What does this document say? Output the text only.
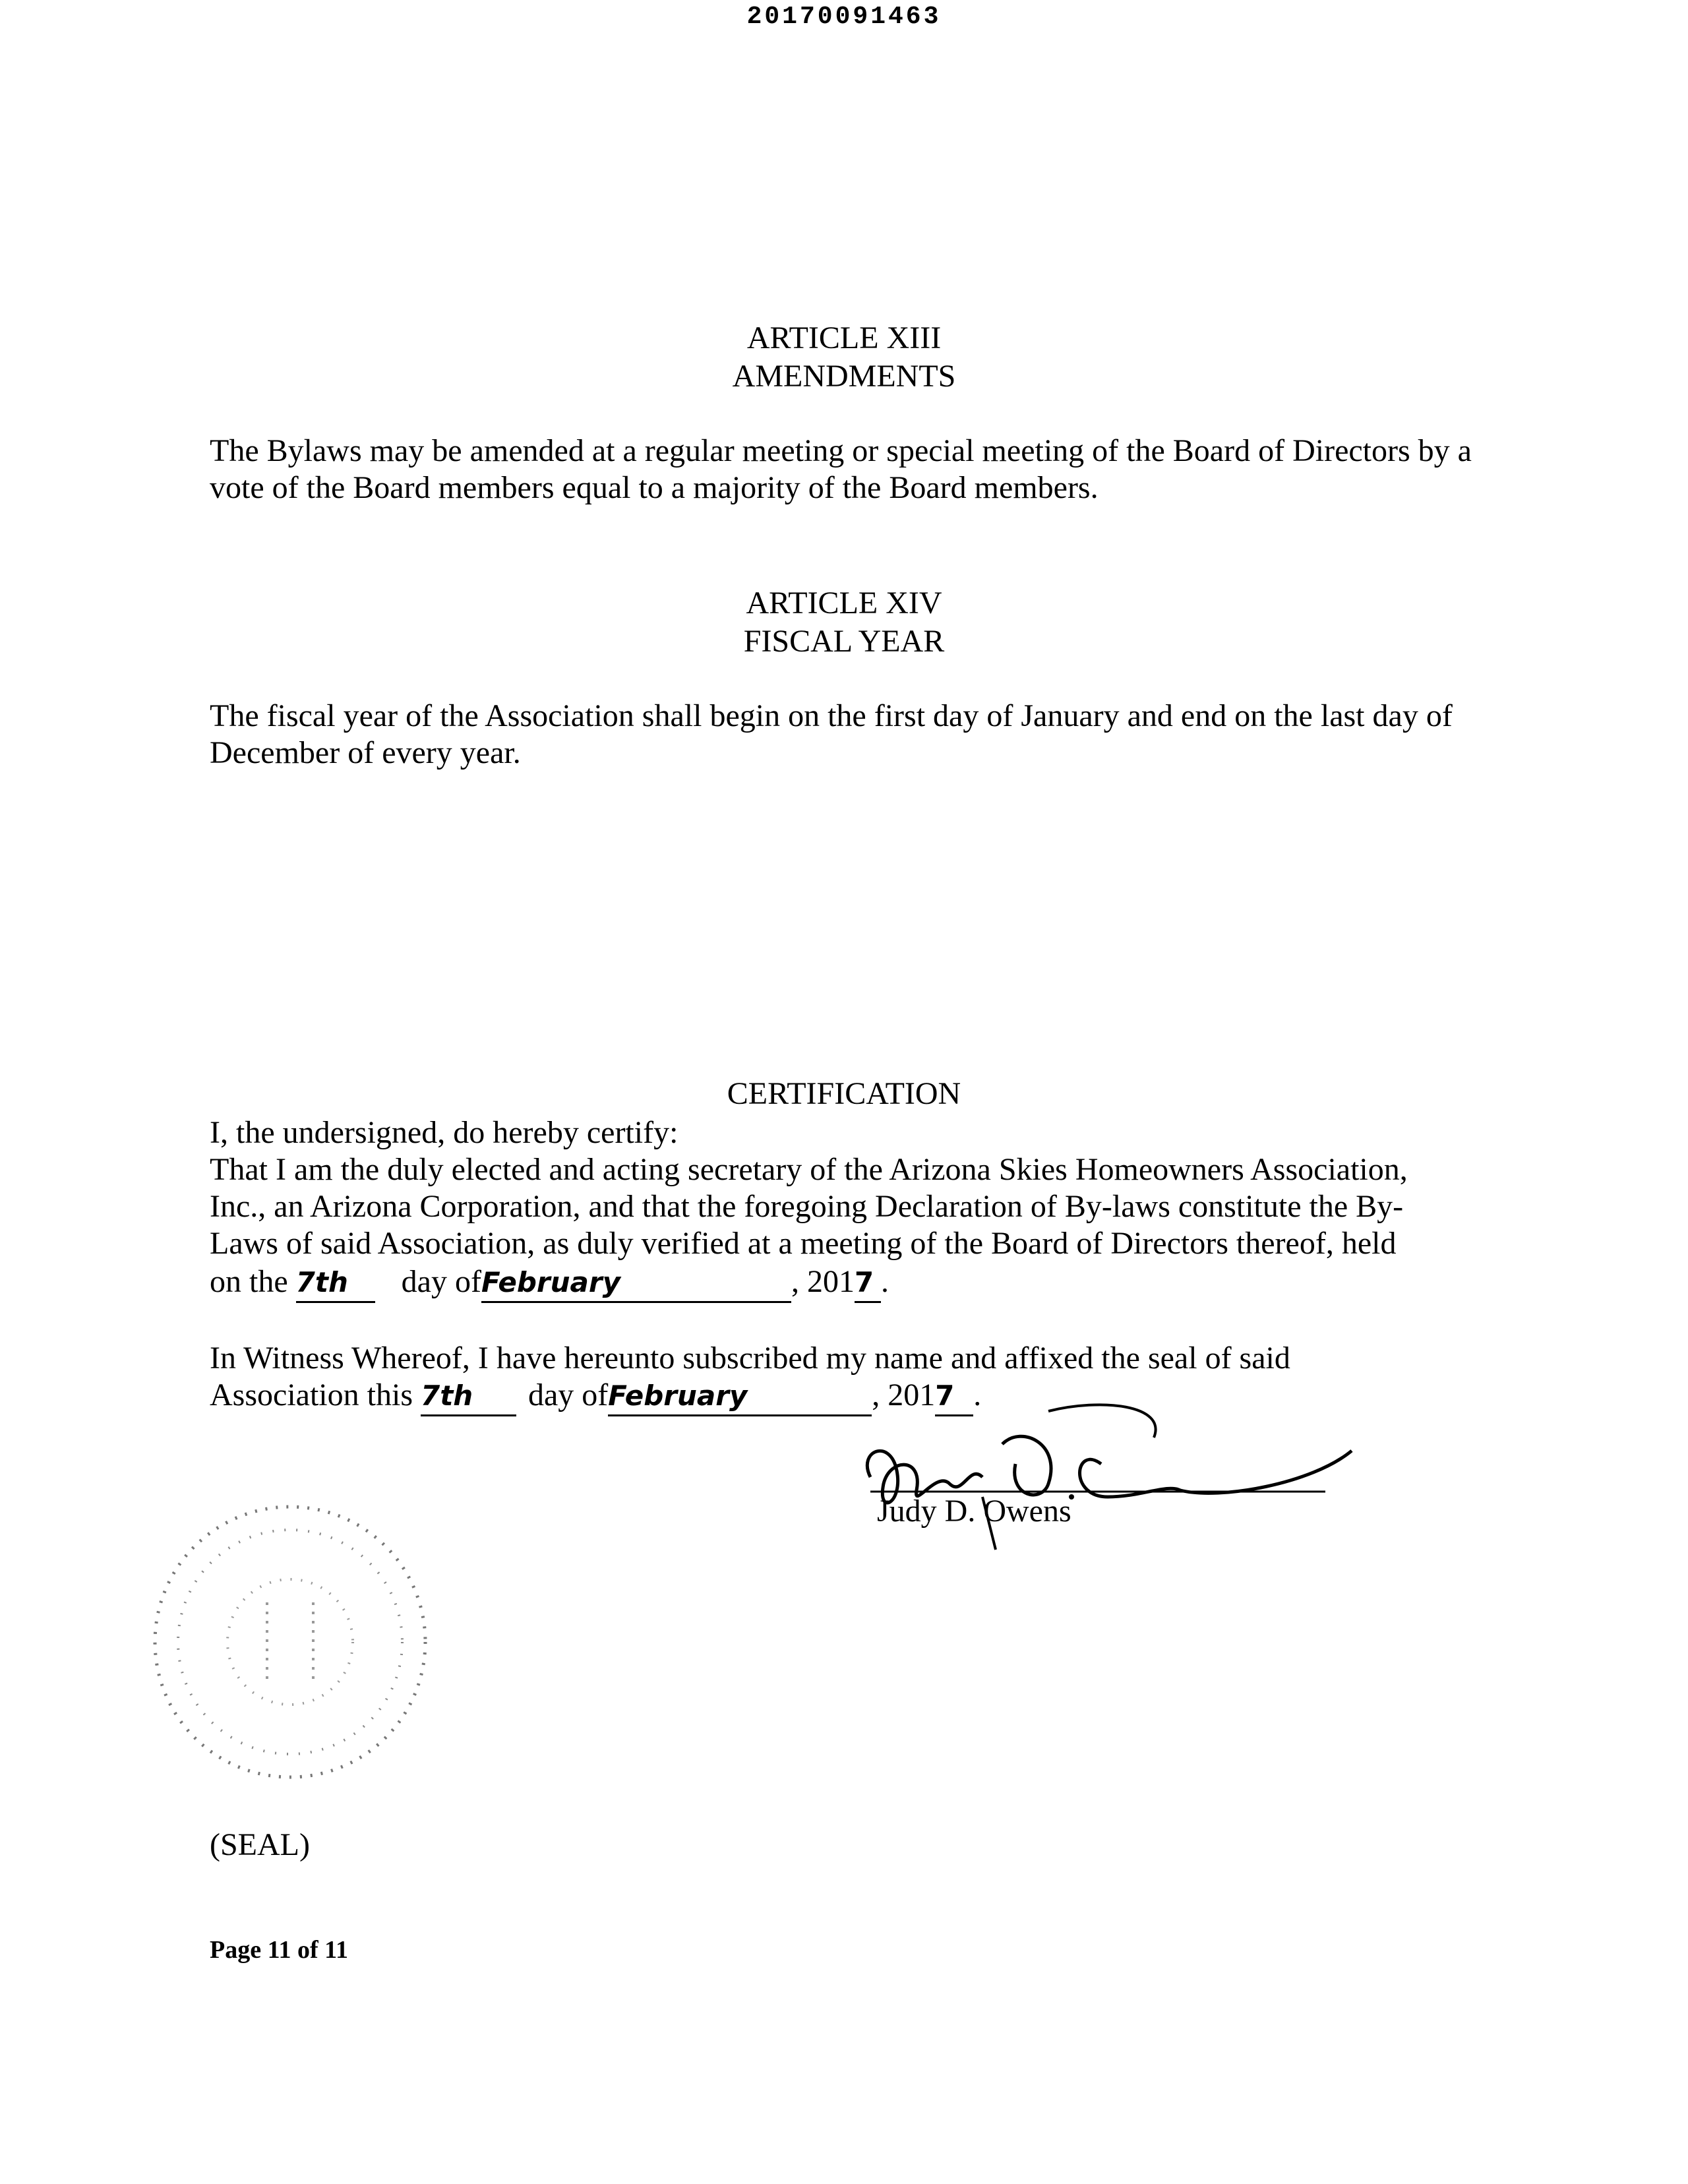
20170091463
ARTICLE XIII
AMENDMENTS
The Bylaws may be amended at a regular meeting or special meeting of the Board of Directors by a vote of the Board members equal to a majority of the Board members.
ARTICLE XIV
FISCAL YEAR
The fiscal year of the Association shall begin on the first day of January and end on the last day of December of every year.
CERTIFICATION
I, the undersigned, do hereby certify:
That I am the duly elected and acting secretary of the Arizona Skies Homeowners Association,
Inc., an Arizona Corporation, and that the foregoing Declaration of By-laws constitute the By-
Laws of said Association, as duly verified at a meeting of the Board of Directors thereof, held
on the 7th day ofFebruary	, 2017 .
In Witness Whereof, I have hereunto subscribed my name and affixed the seal of said
Association this 7th day ofFebruary	, 2017 .
Judy D. Owens
(SEAL)
Page 11 of 11
